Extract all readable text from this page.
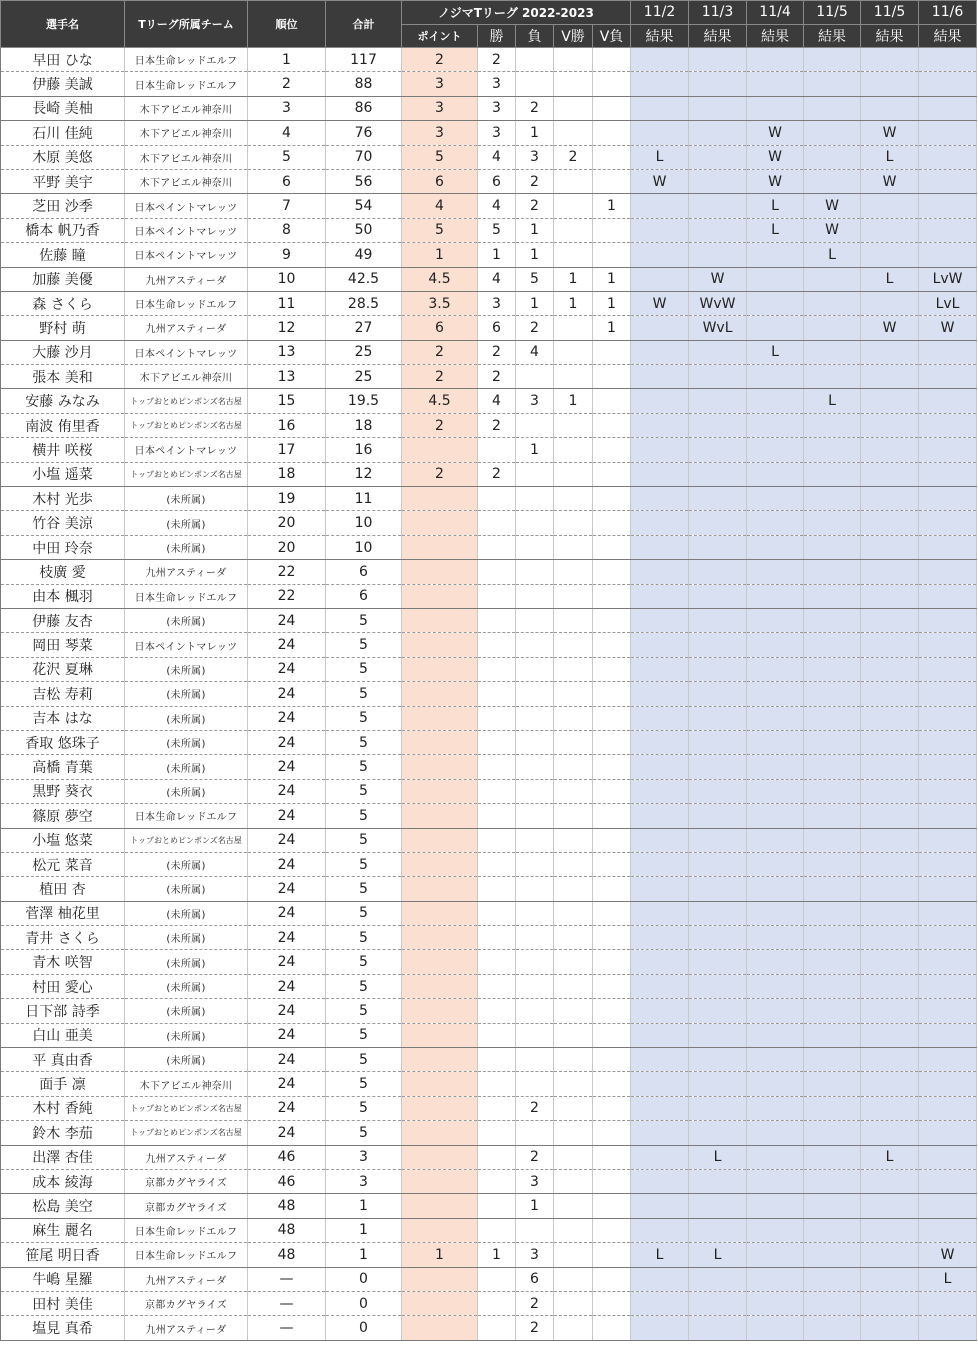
選手名	Tリーグ所属チーム	順位	合計	ノジマTリーグ 2022-2023					11/2	11/3	11/4	11/5	11/5	11/6
				ポイント	勝	負	V勝	V負	結果	結果	結果	結果	結果	結果
早田 ひな	日本生命レッドエルフ	1	117	2	2									
伊藤 美誠	日本生命レッドエルフ	2	88	3	3									
長崎 美柚	木下アビエル神奈川	3	86	3	3	2								
石川 佳純	木下アビエル神奈川	4	76	3	3	1					W		W	
木原 美悠	木下アビエル神奈川	5	70	5	4	3	2		L		W		L	
平野 美宇	木下アビエル神奈川	6	56	6	6	2			W		W		W	
芝田 沙季	日本ペイントマレッツ	7	54	4	4	2		1			L	W		
橋本 帆乃香	日本ペイントマレッツ	8	50	5	5	1					L	W		
佐藤 瞳	日本ペイントマレッツ	9	49	1	1	1						L		
加藤 美優	九州アスティーダ	10	42.5	4.5	4	5	1	1		W			L	LvW
森 さくら	日本生命レッドエルフ	11	28.5	3.5	3	1	1	1	W	WvW				LvL
野村 萌	九州アスティーダ	12	27	6	6	2		1		WvL			W	W
大藤 沙月	日本ペイントマレッツ	13	25	2	2	4					L			
張本 美和	木下アビエル神奈川	13	25	2	2									
安藤 みなみ	トップおとめピンポンズ名古屋	15	19.5	4.5	4	3	1					L		
南波 侑里香	トップおとめピンポンズ名古屋	16	18	2	2									
横井 咲桜	日本ペイントマレッツ	17	16			1								
小塩 遥菜	トップおとめピンポンズ名古屋	18	12	2	2									
木村 光歩	(未所属)	19	11											
竹谷 美涼	(未所属)	20	10											
中田 玲奈	(未所属)	20	10											
枝廣 愛	九州アスティーダ	22	6											
由本 楓羽	日本生命レッドエルフ	22	6											
伊藤 友杏	(未所属)	24	5											
岡田 琴菜	日本ペイントマレッツ	24	5											
花沢 夏琳	(未所属)	24	5											
吉松 寿莉	(未所属)	24	5											
吉本 はな	(未所属)	24	5											
香取 悠珠子	(未所属)	24	5											
高橋 青葉	(未所属)	24	5											
黒野 葵衣	(未所属)	24	5											
篠原 夢空	日本生命レッドエルフ	24	5											
小塩 悠菜	トップおとめピンポンズ名古屋	24	5											
松元 菜音	(未所属)	24	5											
植田 杏	(未所属)	24	5											
菅澤 柚花里	(未所属)	24	5											
青井 さくら	(未所属)	24	5											
青木 咲智	(未所属)	24	5											
村田 愛心	(未所属)	24	5											
日下部 詩季	(未所属)	24	5											
白山 亜美	(未所属)	24	5											
平 真由香	(未所属)	24	5											
面手 凛	木下アビエル神奈川	24	5											
木村 香純	トップおとめピンポンズ名古屋	24	5			2								
鈴木 李茄	トップおとめピンポンズ名古屋	24	5											
出澤 杏佳	九州アスティーダ	46	3			2				L			L	
成本 綾海	京都カグヤライズ	46	3			3								
松島 美空	京都カグヤライズ	48	1			1								
麻生 麗名	日本生命レッドエルフ	48	1											
笹尾 明日香	日本生命レッドエルフ	48	1	1	1	3			L	L				W
牛嶋 星羅	九州アスティーダ	—	0			6								L
田村 美佳	京都カグヤライズ	—	0			2								
塩見 真希	九州アスティーダ	—	0			2								
